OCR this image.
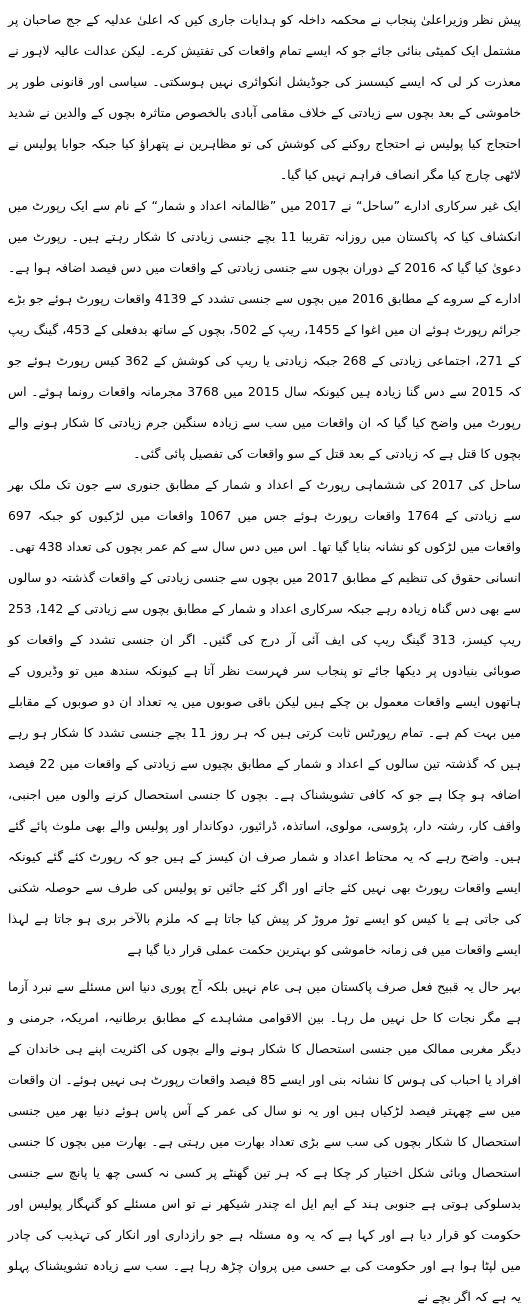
پیش نظر وزیراعلیٰ پنجاب نے محکمہ داخلہ کو ہدایات جاری کیں کہ اعلیٰ عدلیہ کے جج صاحبان پر مشتمل ایک کمیٹی بنائی جائے جو کہ ایسے تمام واقعات کی تفتیش کرے۔ لیکن عدالت عالیہ لاہور نے معذرت کر لی کہ ایسے کیسسز کی جوڈیشل انکوائری نہیں ہوسکتی۔ سیاسی اور قانونی طور پر خاموشی کے بعد بچوں سے زیادتی کے خلاف مقامی آبادی بالخصوص متاثرہ بچوں کے والدین نے شدید احتجاج کیا پولیس نے احتجاج روکنے کی کوشش کی تو مظاہرین نے پتھراؤ کیا جبکہ جوابا پولیس نے لاٹھی چارج کیا مگر انصاف فراہم نہیں کیا گیا۔

ایک غیر سرکاری ادارے ”ساحل“ نے 2017 میں ”ظالمانہ اعداد و شمار“ کے نام سے ایک رپورٹ میں انکشاف کیا کہ پاکستان میں روزانہ تقریبا 11 بچے جنسی زیادتی کا شکار رہتے ہیں۔ رپورٹ میں دعویٰ کیا گیا کہ 2016 کے دوران بچوں سے جنسی زیادتی کے واقعات میں دس فیصد اضافہ ہوا ہے۔ ادارے کے سروے کے مطابق 2016 میں بچوں سے جنسی تشدد کے 4139 واقعات رپورٹ ہوئے جو بڑے جرائم رپورٹ ہوئے ان میں اغوا کے 1455، ریپ کے 502، بچوں کے ساتھ بدفعلی کے 453، گینگ ریپ کے 271، اجتماعی زیادتی کے 268 جبکہ زیادتی یا ریپ کی کوشش کے 362 کیس رپورٹ ہوئے جو کہ 2015 سے دس گنا زیادہ ہیں کیونکہ سال 2015 میں 3768 مجرمانہ واقعات رونما ہوئے۔ اس رپورٹ میں واضح کیا گیا کہ ان واقعات میں سب سے زیادہ سنگین جرم زیادتی کا شکار ہونے والے بچوں کا قتل ہے کہ زیادتی کے بعد قتل کے سو واقعات کی تفصیل پائی گئی۔

ساحل کی 2017 کی ششماہی رپورٹ کے اعداد و شمار کے مطابق جنوری سے جون تک ملک بھر سے زیادتی کے 1764 واقعات رپورٹ ہوئے جس میں 1067 واقعات میں لڑکیوں کو جبکہ 697 واقعات میں لڑکوں کو نشانہ بنایا گیا تھا۔ اس میں دس سال سے کم عمر بچوں کی تعداد 438 تھی۔ انسانی حقوق کی تنظیم کے مطابق 2017 میں بچوں سے جنسی زیادتی کے واقعات گذشتہ دو سالوں سے بھی دس گناہ زیادہ رہے جبکہ سرکاری اعداد و شمار کے مطابق بچوں سے زیادتی کے 142، 253 ریپ کیسز، 313 گینگ ریپ کی ایف آئی آر درج کی گئیں۔ اگر ان جنسی تشدد کے واقعات کو صوبائی بنیادوں پر دیکھا جائے تو پنجاب سر فہرست نظر آتا ہے کیونکہ سندھ میں تو وڈیروں کے ہاتھوں ایسے واقعات معمول بن چکے ہیں لیکن باقی صوبوں میں یہ تعداد ان دو صوبوں کے مقابلے میں بہت کم ہے۔ تمام رپورٹس ثابت کرتی ہیں کہ ہر روز 11 بچے جنسی تشدد کا شکار ہو رہے ہیں کہ گذشتہ تین سالوں کے اعداد و شمار کے مطابق بچیوں سے زیادتی کے واقعات میں 22 فیصد اضافہ ہو چکا ہے جو کہ کافی تشویشناک ہے۔ بچوں کا جنسی استحصال کرنے والوں میں اجنبی، واقف کار، رشتہ دار، پڑوسی، مولوی، اساتذہ، ڈرائیور، دوکاندار اور پولیس والے بھی ملوث پائے گئے ہیں۔ واضح رہے کہ یہ محتاط اعداد و شمار صرف ان کیسز کے ہیں جو کہ رپورٹ کئے گئے کیونکہ ایسے واقعات رپورٹ بھی نہیں کئے جاتے اور اگر کئے جائیں تو پولیس کی طرف سے حوصلہ شکنی کی جاتی ہے یا کیس کو ایسے توڑ مروڑ کر پیش کیا جاتا ہے کہ ملزم بالآخر بری ہو جاتا ہے لہذا ایسے واقعات میں فی زمانہ خاموشی کو بہترین حکمت عملی قرار دیا گیا ہے

بہر حال یہ قبیح فعل صرف پاکستان میں ہی عام نہیں بلکہ آج پوری دنیا اس مسئلے سے نبرد آزما ہے مگر نجات کا حل نہیں مل رہا۔ بین الاقوامی مشاہدے کے مطابق برطانیہ، امریکہ، جرمنی و دیگر مغربی ممالک میں جنسی استحصال کا شکار ہونے والے بچوں کی اکثریت اپنے ہی خاندان کے افراد یا احباب کی ہوس کا نشانہ بنی اور ایسے 85 فیصد واقعات رپورٹ ہی نہیں ہوئے۔ ان واقعات میں سے چھہتر فیصد لڑکیاں ہیں اور یہ نو سال کی عمر کے آس پاس ہوئے دنیا بھر میں جنسی استحصال کا شکار بچوں کی سب سے بڑی تعداد بھارت میں رہتی ہے۔ بھارت میں بچوں کا جنسی استحصال وبائی شکل اختیار کر چکا ہے کہ ہر تین گھنٹے پر کسی نہ کسی چھ یا پانچ سے جنسی بدسلوکی ہوتی ہے جنوبی ہند کے ایم ایل اے چندر شیکھر نے تو اس مسئلے کو گنہگار پولیس اور حکومت کو قرار دیا ہے اور کہا ہے کہ یہ وہ مسئلہ ہے جو رازداری اور انکار کی تہذیب کی چادر میں لپٹا ہوا ہے اور حکومت کی بے حسی میں پروان چڑھ رہا ہے۔ سب سے زیادہ تشویشناک پہلو یہ ہے کہ اگر بچے نے
